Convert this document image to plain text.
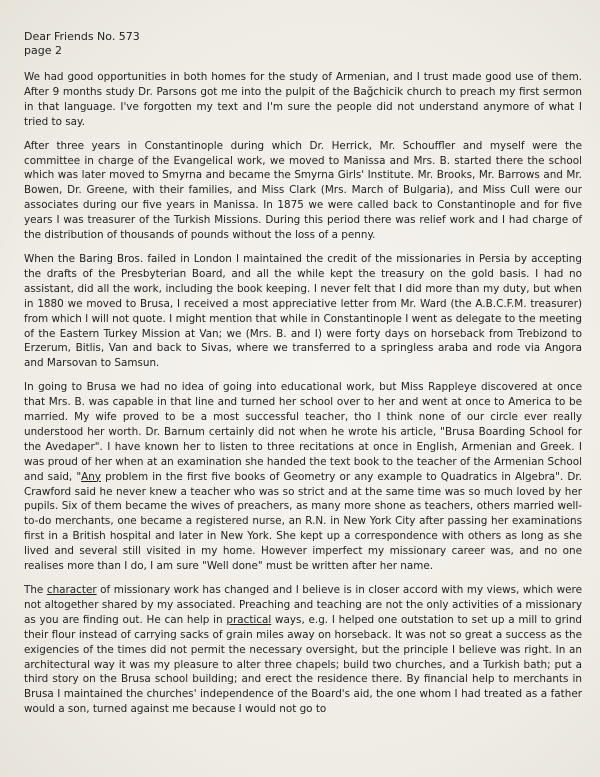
Dear Friends No. 573
page 2

We had good opportunities in both homes for the study of Armenian, and I trust made good use of them. After 9 months study Dr. Parsons got me into the pulpit of the Bağchicik church to preach my first sermon in that language. I've forgotten my text and I'm sure the people did not understand anymore of what I tried to say.

After three years in Constantinople during which Dr. Herrick, Mr. Schouffler and myself were the committee in charge of the Evangelical work, we moved to Manissa and Mrs. B. started there the school which was later moved to Smyrna and became the Smyrna Girls' Institute. Mr. Brooks, Mr. Barrows and Mr. Bowen, Dr. Greene, with their families, and Miss Clark (Mrs. March of Bulgaria), and Miss Cull were our associates during our five years in Manissa. In 1875 we were called back to Constantinople and for five years I was treasurer of the Turkish Missions. During this period there was relief work and I had charge of the distribution of thousands of pounds without the loss of a penny.

When the Baring Bros. failed in London I maintained the credit of the missionaries in Persia by accepting the drafts of the Presbyterian Board, and all the while kept the treasury on the gold basis. I had no assistant, did all the work, including the book keeping. I never felt that I did more than my duty, but when in 1880 we moved to Brusa, I received a most appreciative letter from Mr. Ward (the A.B.C.F.M. treasurer) from which I will not quote. I might mention that while in Constantinople I went as delegate to the meeting of the Eastern Turkey Mission at Van; we (Mrs. B. and I) were forty days on horseback from Trebizond to Erzerum, Bitlis, Van and back to Sivas, where we transferred to a springless araba and rode via Angora and Marsovan to Samsun.

In going to Brusa we had no idea of going into educational work, but Miss Rappleye discovered at once that Mrs. B. was capable in that line and turned her school over to her and went at once to America to be married. My wife proved to be a most successful teacher, tho I think none of our circle ever really understood her worth. Dr. Barnum certainly did not when he wrote his article, "Brusa Boarding School for the Avedaper". I have known her to listen to three recitations at once in English, Armenian and Greek. I was proud of her when at an examination she handed the text book to the teacher of the Armenian School and said, "Any problem in the first five books of Geometry or any example to Quadratics in Algebra". Dr. Crawford said he never knew a teacher who was so strict and at the same time was so much loved by her pupils. Six of them became the wives of preachers, as many more shone as teachers, others married well-to-do merchants, one became a registered nurse, an R.N. in New York City after passing her examinations first in a British hospital and later in New York. She kept up a correspondence with others as long as she lived and several still visited in my home. However imperfect my missionary career was, and no one realises more than I do, I am sure "Well done" must be written after her name.

The character of missionary work has changed and I believe is in closer accord with my views, which were not altogether shared by my associated. Preaching and teaching are not the only activities of a missionary as you are finding out. He can help in practical ways, e.g. I helped one outstation to set up a mill to grind their flour instead of carrying sacks of grain miles away on horseback. It was not so great a success as the exigencies of the times did not permit the necessary oversight, but the principle I believe was right. In an architectural way it was my pleasure to alter three chapels; build two churches, and a Turkish bath; put a third story on the Brusa school building; and erect the residence there. By financial help to merchants in Brusa I maintained the churches' independence of the Board's aid, the one whom I had treated as a father would a son, turned against me because I would not go to
